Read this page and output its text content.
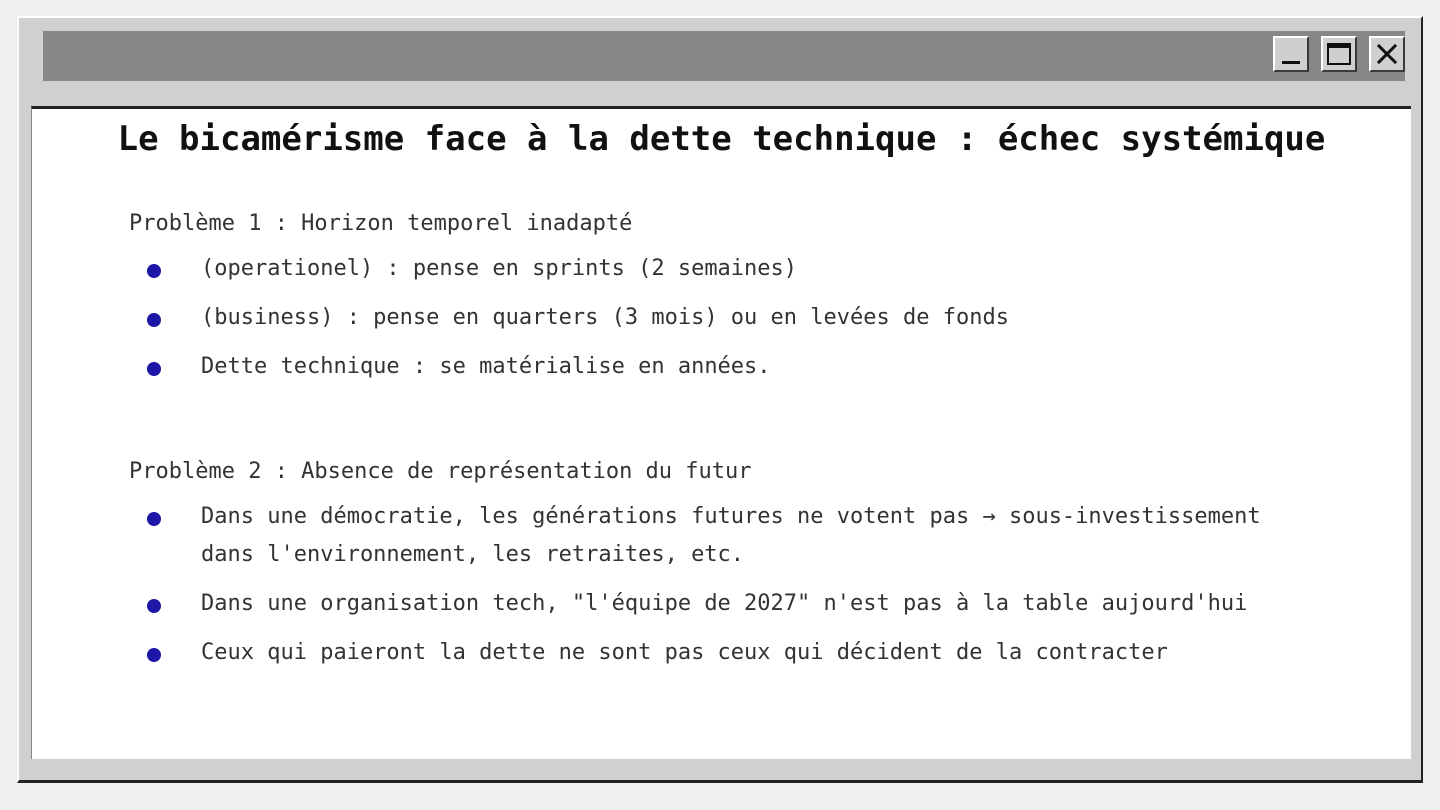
Le bicamérisme face à la dette technique : échec systémique

Problème 1 : Horizon temporel inadapté

(operationel) : pense en sprints (2 semaines)
(business) : pense en quarters (3 mois) ou en levées de fonds
Dette technique : se matérialise en années.

Problème 2 : Absence de représentation du futur

Dans une démocratie, les générations futures ne votent pas → sous-investissement dans l'environnement, les retraites, etc.
Dans une organisation tech, "l'équipe de 2027" n'est pas à la table aujourd'hui
Ceux qui paieront la dette ne sont pas ceux qui décident de la contracter
